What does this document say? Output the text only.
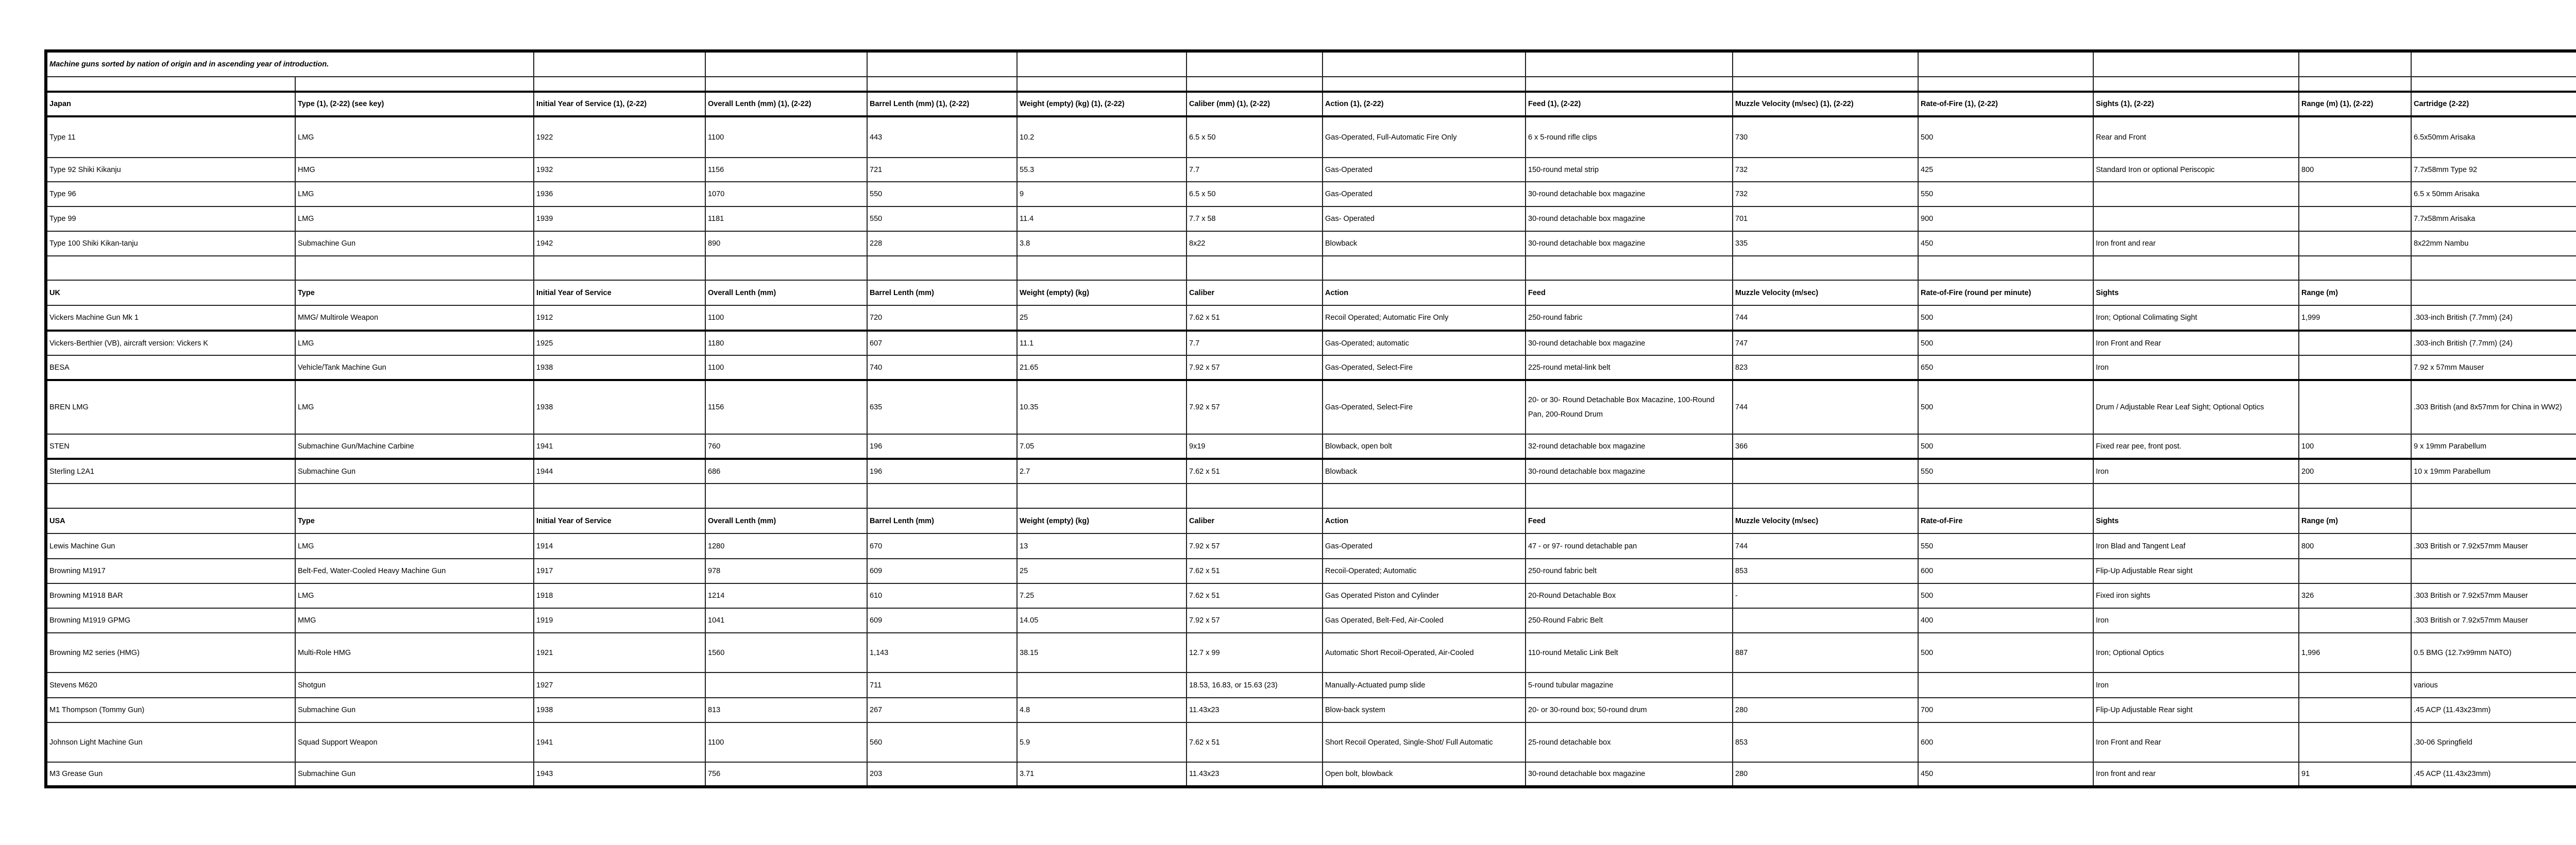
Machine guns sorted by nation of origin and in ascending year of introduction.															

Japan	Type (1), (2-22) (see key)	Initial Year of Service (1), (2-22)	Overall Lenth (mm) (1), (2-22)	Barrel Lenth (mm) (1), (2-22)	Weight (empty) (kg) (1), (2-22)	Caliber (mm) (1), (2-22)	Action (1), (2-22)	Feed (1), (2-22)	Muzzle Velocity (m/sec) (1), (2-22)	Rate-of-Fire (1), (2-22)	Sights (1), (2-22)	Range (m) (1), (2-22)	Cartridge (2-22)			
Type 11	LMG	1922	1100	443	10.2	6.5 x 50	Gas-Operated, Full-Automatic Fire Only	6 x 5-round rifle clips	730	500	Rear and Front		6.5x50mm Arisaka			
Type 92 Shiki Kikanju	HMG	1932	1156	721	55.3	7.7	Gas-Operated	150-round metal strip	732	425	Standard Iron or optional Periscopic	800	7.7x58mm Type 92			
Type 96	LMG	1936	1070	550	9	6.5 x 50	Gas-Operated	30-round detachable box magazine	732	550			6.5 x 50mm Arisaka			
Type 99	LMG	1939	1181	550	11.4	7.7 x 58	Gas- Operated	30-round detachable box magazine	701	900			7.7x58mm Arisaka			
Type 100 Shiki Kikan-tanju	Submachine Gun	1942	890	228	3.8	8x22	Blowback	30-round detachable box magazine	335	450	Iron front and rear		8x22mm Nambu			

UK	Type	Initial Year of Service	Overall Lenth (mm)	Barrel Lenth (mm)	Weight (empty) (kg)	Caliber	Action	Feed	Muzzle Velocity (m/sec)	Rate-of-Fire (round per minute)	Sights	Range (m)				
Vickers Machine Gun Mk 1	MMG/ Multirole Weapon	1912	1100	720	25	7.62 x 51	Recoil Operated; Automatic Fire Only	250-round fabric	744	500	Iron; Optional Colimating Sight	1,999	.303-inch British (7.7mm) (24)			
Vickers-Berthier (VB), aircraft version: Vickers K	LMG	1925	1180	607	11.1	7.7	Gas-Operated; automatic	30-round detachable box magazine	747	500	Iron Front and Rear		.303-inch British (7.7mm) (24)			
BESA	Vehicle/Tank Machine Gun	1938	1100	740	21.65	7.92 x 57	Gas-Operated, Select-Fire	225-round metal-link belt	823	650	Iron		7.92 x 57mm Mauser			
BREN LMG	LMG	1938	1156	635	10.35	7.92 x 57	Gas-Operated, Select-Fire	20- or 30- Round Detachable Box Macazine, 100-Round Pan, 200-Round Drum	744	500	Drum / Adjustable Rear Leaf Sight; Optional Optics		.303 British (and 8x57mm for China in WW2)			
STEN	Submachine Gun/Machine Carbine	1941	760	196	7.05	9x19	Blowback, open bolt	32-round detachable box magazine	366	500	Fixed rear pee, front post.	100	9 x 19mm Parabellum			
Sterling L2A1	Submachine Gun	1944	686	196	2.7	7.62 x 51	Blowback	30-round detachable box magazine		550	Iron	200	10 x 19mm Parabellum			

USA	Type	Initial Year of Service	Overall Lenth (mm)	Barrel Lenth (mm)	Weight (empty) (kg)	Caliber	Action	Feed	Muzzle Velocity (m/sec)	Rate-of-Fire	Sights	Range (m)				
Lewis Machine Gun	LMG	1914	1280	670	13	7.92 x 57	Gas-Operated	47 - or 97- round detachable pan	744	550	Iron Blad and Tangent Leaf	800	.303 British or 7.92x57mm Mauser			
Browning M1917	Belt-Fed, Water-Cooled Heavy Machine Gun	1917	978	609	25	7.62 x 51	Recoil-Operated; Automatic	250-round fabric belt	853	600	Flip-Up Adjustable Rear sight					
Browning M1918 BAR	LMG	1918	1214	610	7.25	7.62 x 51	Gas Operated Piston and Cylinder	20-Round Detachable Box	-	500	Fixed iron sights	326	.303 British or 7.92x57mm Mauser			
Browning M1919 GPMG	MMG	1919	1041	609	14.05	7.92 x 57	Gas Operated, Belt-Fed, Air-Cooled	250-Round Fabric Belt		400	Iron		.303 British or 7.92x57mm Mauser			
Browning M2 series (HMG)	Multi-Role HMG	1921	1560	1,143	38.15	12.7 x 99	Automatic Short Recoil-Operated, Air-Cooled	110-round Metalic Link Belt	887	500	Iron; Optional Optics	1,996	0.5 BMG (12.7x99mm NATO)			
Stevens M620	Shotgun	1927		711		18.53, 16.83, or 15.63 (23)	Manually-Actuated pump slide	5-round tubular magazine			Iron		various			
M1 Thompson (Tommy Gun)	Submachine Gun	1938	813	267	4.8	11.43x23	Blow-back system	20- or 30-round box; 50-round drum	280	700	Flip-Up Adjustable Rear sight		.45 ACP (11.43x23mm)			
Johnson Light Machine Gun	Squad Support Weapon	1941	1100	560	5.9	7.62 x 51	Short Recoil Operated, Single-Shot/ Full Automatic	25-round detachable box	853	600	Iron Front and Rear		.30-06 Springfield			
M3 Grease Gun	Submachine Gun	1943	756	203	3.71	11.43x23	Open bolt, blowback	30-round detachable box magazine	280	450	Iron front and rear	91	.45 ACP (11.43x23mm)			
